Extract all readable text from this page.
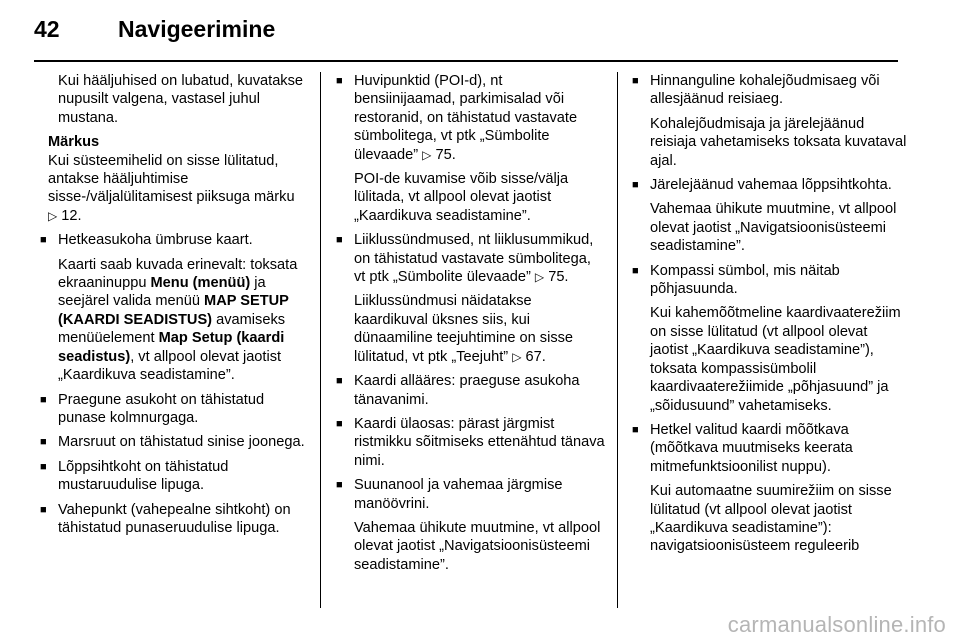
42	Navigeerimine

Kui hääljuhised on lubatud, kuvatakse nupusilt valgena, vastasel juhul mustana.

Märkus

Kui süsteemihelid on sisse lülitatud, antakse hääljuhtimise sisse-/väljalülitamisest piiksuga märku
▷ 12.

■ Hetkeasukoha ümbruse kaart.

Kaarti saab kuvada erinevalt: toksata ekraaninuppu Menu (menüü) ja seejärel valida menüü MAP SETUP (KAARDI SEADISTUS) avamiseks menüüelement Map Setup (kaardi seadistus), vt allpool olevat jaotist „Kaardikuva seadistamine”.

■ Praegune asukoht on tähistatud punase kolmnurgaga.
■ Marsruut on tähistatud sinise joonega.
■ Lõppsihtkoht on tähistatud mustaruudulise lipuga.
■ Vahepunkt (vahepealne sihtkoht) on tähistatud punaseruudulise lipuga.
■ Huvipunktid (POI-d), nt bensiinijaamad, parkimisalad või restoranid, on tähistatud vastavate sümbolitega, vt ptk „Sümbolite ülevaade” ▷ 75.

POI-de kuvamise võib sisse/välja lülitada, vt allpool olevat jaotist „Kaardikuva seadistamine”.

■ Liiklussündmused, nt liiklusummikud, on tähistatud vastavate sümbolitega, vt ptk „Sümbolite ülevaade” ▷ 75.

Liiklussündmusi näidatakse kaardikuval üksnes siis, kui dünaamiline teejuhtimine on sisse lülitatud, vt ptk „Teejuht” ▷ 67.

■ Kaardi allääres: praeguse asukoha tänavanimi.
■ Kaardi ülaosas: pärast järgmist ristmikku sõitmiseks ettenähtud tänava nimi.
■ Suunanool ja vahemaa järgmise manöövrini.

Vahemaa ühikute muutmine, vt allpool olevat jaotist „Navigatsioonisüsteemi seadistamine”.

■ Hinnanguline kohalejõudmisaeg või allesjäänud reisiaeg.

Kohalejõudmisaja ja järelejäänud reisiaja vahetamiseks toksata kuvataval ajal.

■ Järelejäänud vahemaa lõppsihtkohta.

Vahemaa ühikute muutmine, vt allpool olevat jaotist „Navigatsioonisüsteemi seadistamine”.

■ Kompassi sümbol, mis näitab põhjasuunda.

Kui kahemõõtmeline kaardivaaterežiim on sisse lülitatud (vt allpool olevat jaotist „Kaardikuva seadistamine”), toksata kompassisümbolil kaardivaaterežiimide „põhjasuund” ja „sõidusuund” vahetamiseks.

■ Hetkel valitud kaardi mõõtkava (mõõtkava muutmiseks keerata mitmefunktsioonilist nuppu).

Kui automaatne suumirežiim on sisse lülitatud (vt allpool olevat jaotist „Kaardikuva seadistamine”): navigatsioonisüsteem reguleerib

carmanualsonline.info
